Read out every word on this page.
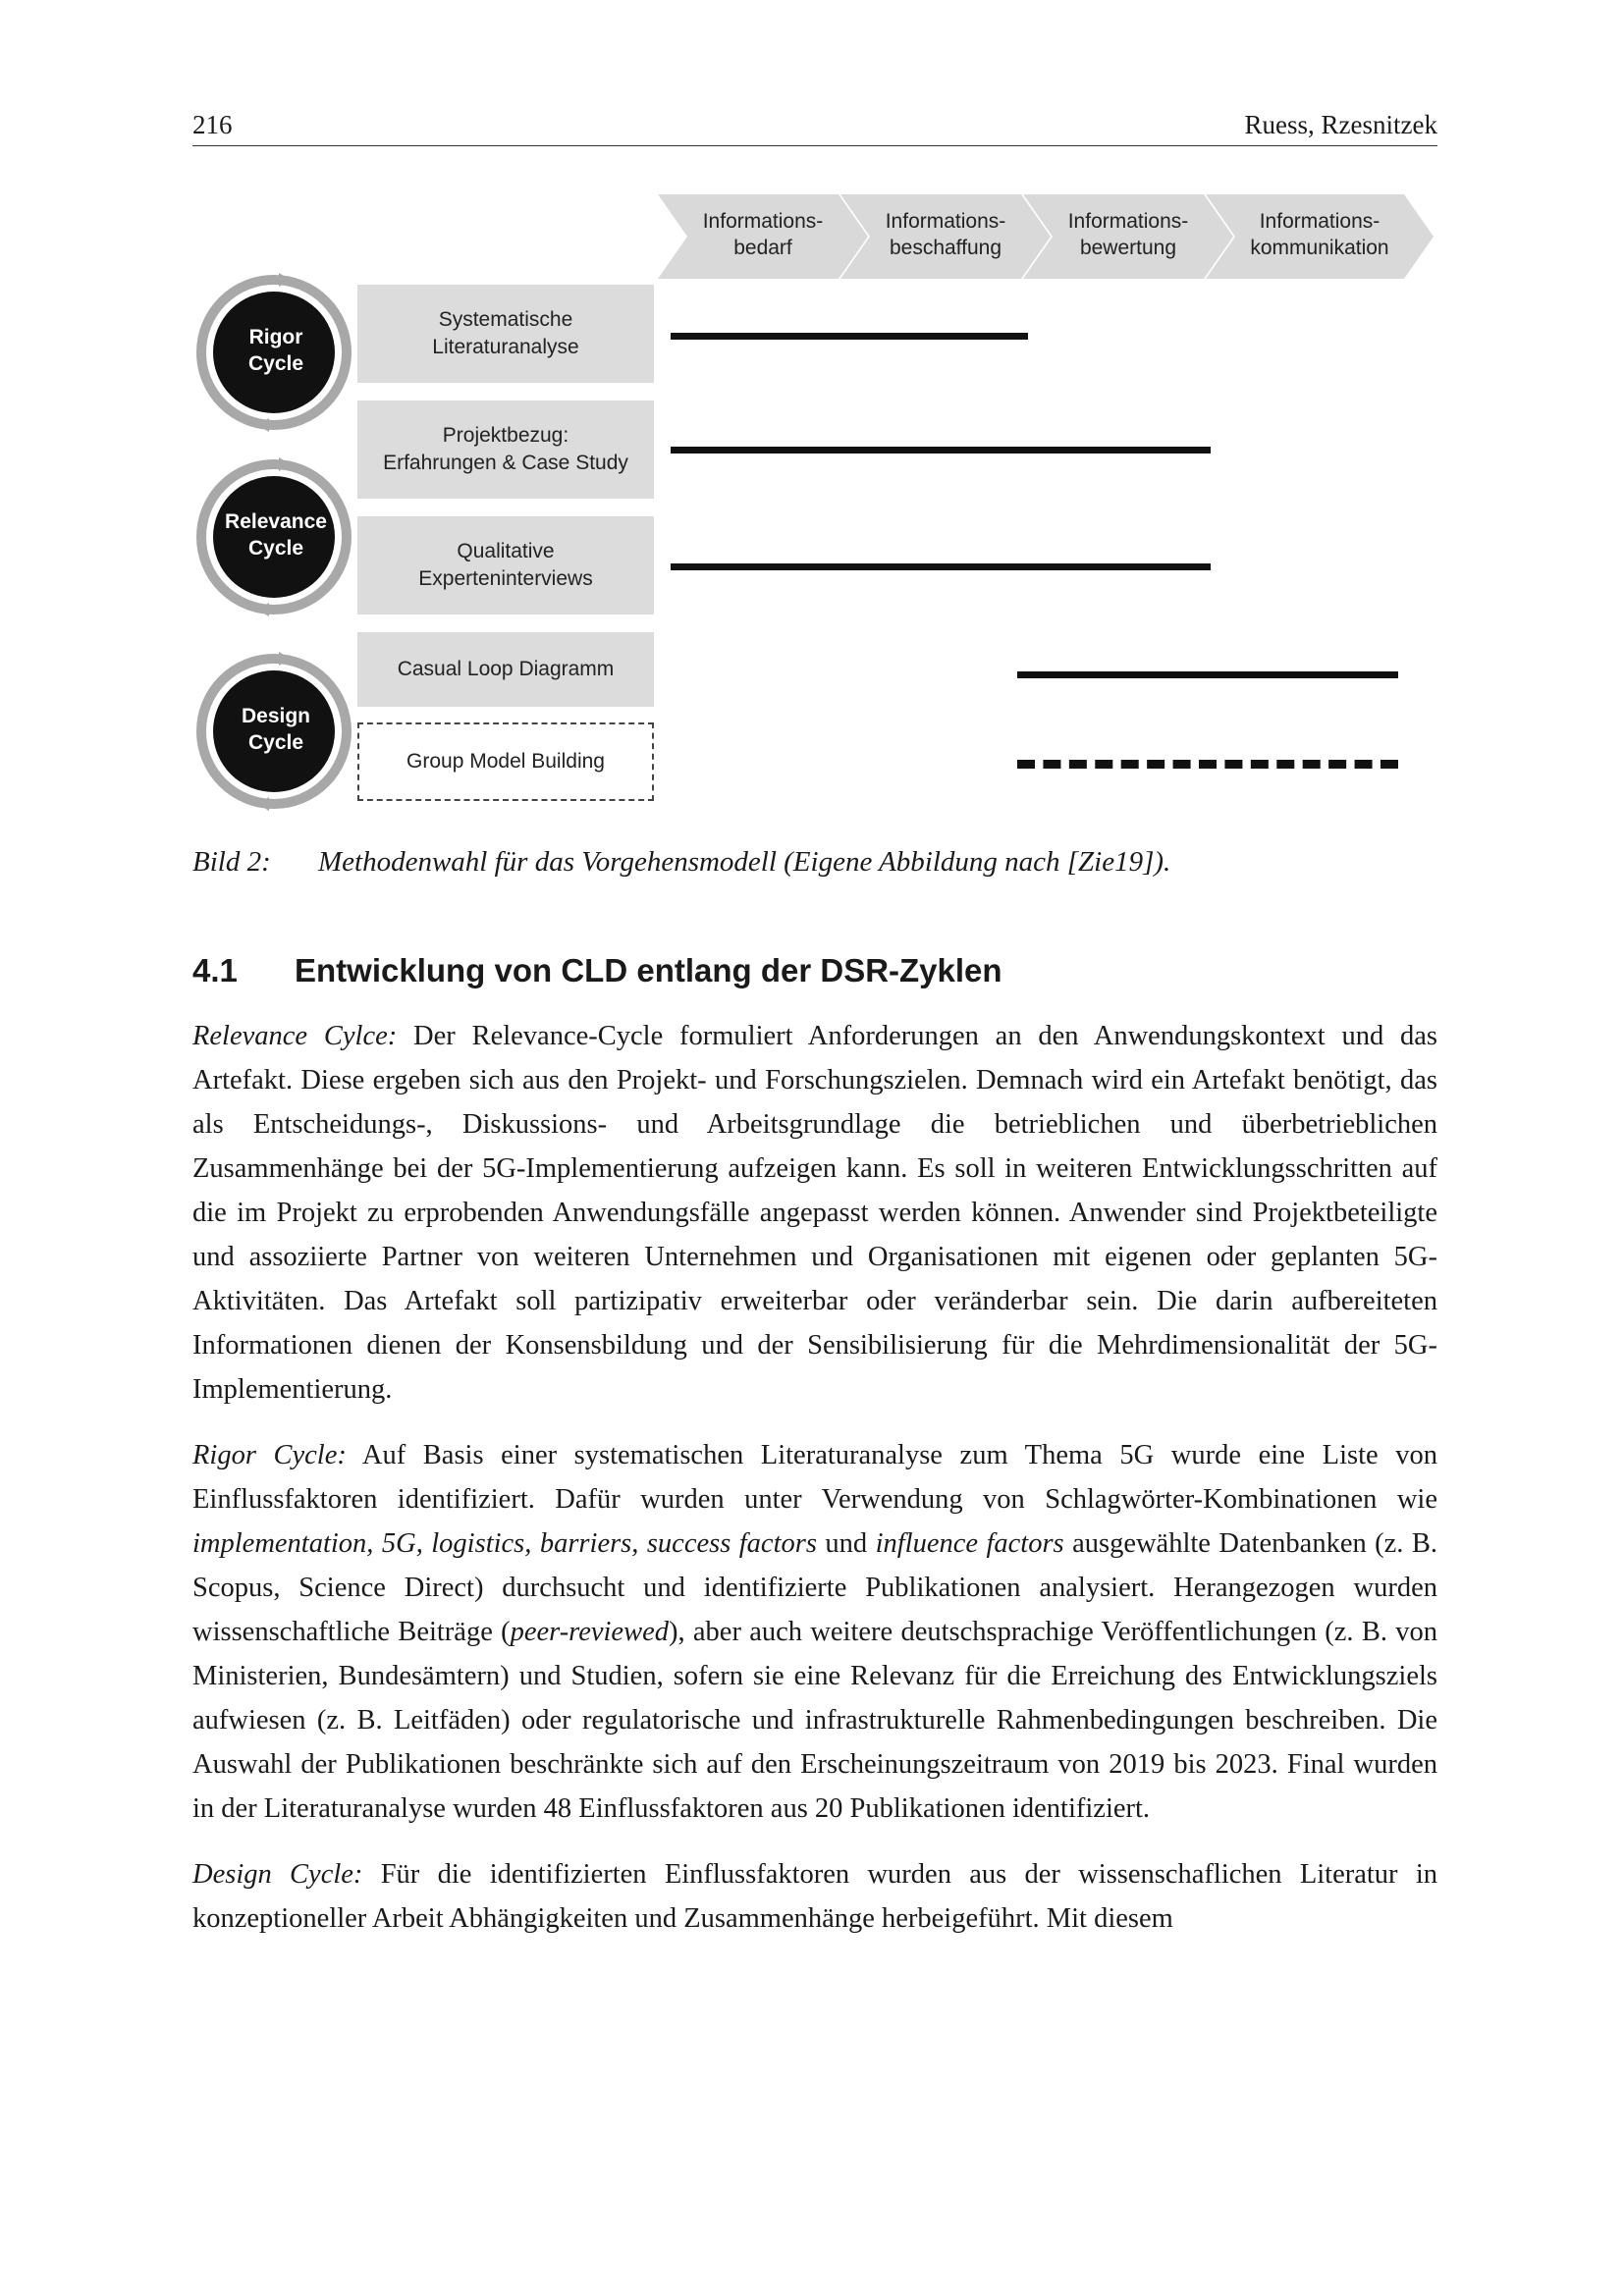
216	Ruess, Rzesnitzek
Informations-
bedarf
Informations-
beschaffung
Informations-
bewertung
Informations-
kommunikation
Rigor
Cycle
Relevance
Cycle
Design
Cycle
Systematische
Literaturanalyse
Projektbezug:
Erfahrungen & Case Study
Qualitative
Experteninterviews
Casual Loop Diagramm
Group Model Building
Bild 2: Methodenwahl für das Vorgehensmodell (Eigene Abbildung nach [Zie19]).
4.1 Entwicklung von CLD entlang der DSR-Zyklen

Relevance Cylce: Der Relevance-Cycle formuliert Anforderungen an den Anwendungskontext und das Artefakt. Diese ergeben sich aus den Projekt- und Forschungszielen. Demnach wird ein Artefakt benötigt, das als Entscheidungs-, Diskussions- und Arbeitsgrundlage die betrieblichen und überbetrieblichen Zusammenhänge bei der 5G-Implementierung aufzeigen kann. Es soll in weiteren Entwicklungsschritten auf die im Projekt zu erprobenden Anwendungsfälle angepasst werden können. Anwender sind Projektbeteiligte und assoziierte Partner von weiteren Unternehmen und Organisationen mit eigenen oder geplanten 5G-Aktivitäten. Das Artefakt soll partizipativ erweiterbar oder veränderbar sein. Die darin aufbereiteten Informationen dienen der Konsensbildung und der Sensibilisierung für die Mehrdimensionalität der 5G-Implementierung.

Rigor Cycle: Auf Basis einer systematischen Literaturanalyse zum Thema 5G wurde eine Liste von Einflussfaktoren identifiziert. Dafür wurden unter Verwendung von Schlagwörter-Kombinationen wie implementation, 5G, logistics, barriers, success factors und influence factors ausgewählte Datenbanken (z. B. Scopus, Science Direct) durchsucht und identifizierte Publikationen analysiert. Herangezogen wurden wissenschaftliche Beiträge (peer-reviewed), aber auch weitere deutschsprachige Veröffentlichungen (z. B. von Ministerien, Bundesämtern) und Studien, sofern sie eine Relevanz für die Erreichung des Entwicklungsziels aufwiesen (z. B. Leitfäden) oder regulatorische und infrastrukturelle Rahmenbedingungen beschreiben. Die Auswahl der Publikationen beschränkte sich auf den Erscheinungszeitraum von 2019 bis 2023. Final wurden in der Literaturanalyse wurden 48 Einflussfaktoren aus 20 Publikationen identifiziert.

Design Cycle: Für die identifizierten Einflussfaktoren wurden aus der wissenschaflichen Literatur in konzeptioneller Arbeit Abhängigkeiten und Zusammenhänge herbeigeführt. Mit diesem
